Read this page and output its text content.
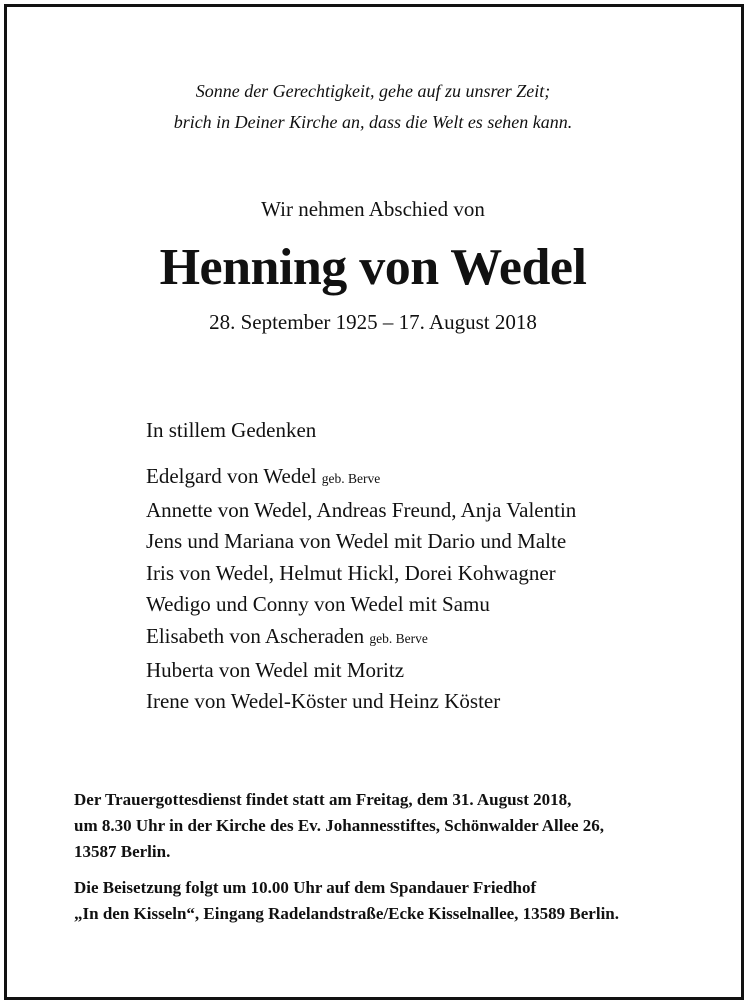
Sonne der Gerechtigkeit, gehe auf zu unsrer Zeit;
brich in Deiner Kirche an, dass die Welt es sehen kann.
Wir nehmen Abschied von
Henning von Wedel
28. September 1925 – 17. August 2018
In stillem Gedenken
Edelgard von Wedel geb. Berve
Annette von Wedel, Andreas Freund, Anja Valentin
Jens und Mariana von Wedel mit Dario und Malte
Iris von Wedel, Helmut Hickl, Dorei Kohwagner
Wedigo und Conny von Wedel mit Samu
Elisabeth von Ascheraden geb. Berve
Huberta von Wedel mit Moritz
Irene von Wedel-Köster und Heinz Köster
Der Trauergottesdienst findet statt am Freitag, dem 31. August 2018,
um 8.30 Uhr in der Kirche des Ev. Johannesstiftes, Schönwalder Allee 26,
13587 Berlin.
Die Beisetzung folgt um 10.00 Uhr auf dem Spandauer Friedhof
„In den Kisseln“, Eingang Radelandstraße/Ecke Kisselnallee, 13589 Berlin.
